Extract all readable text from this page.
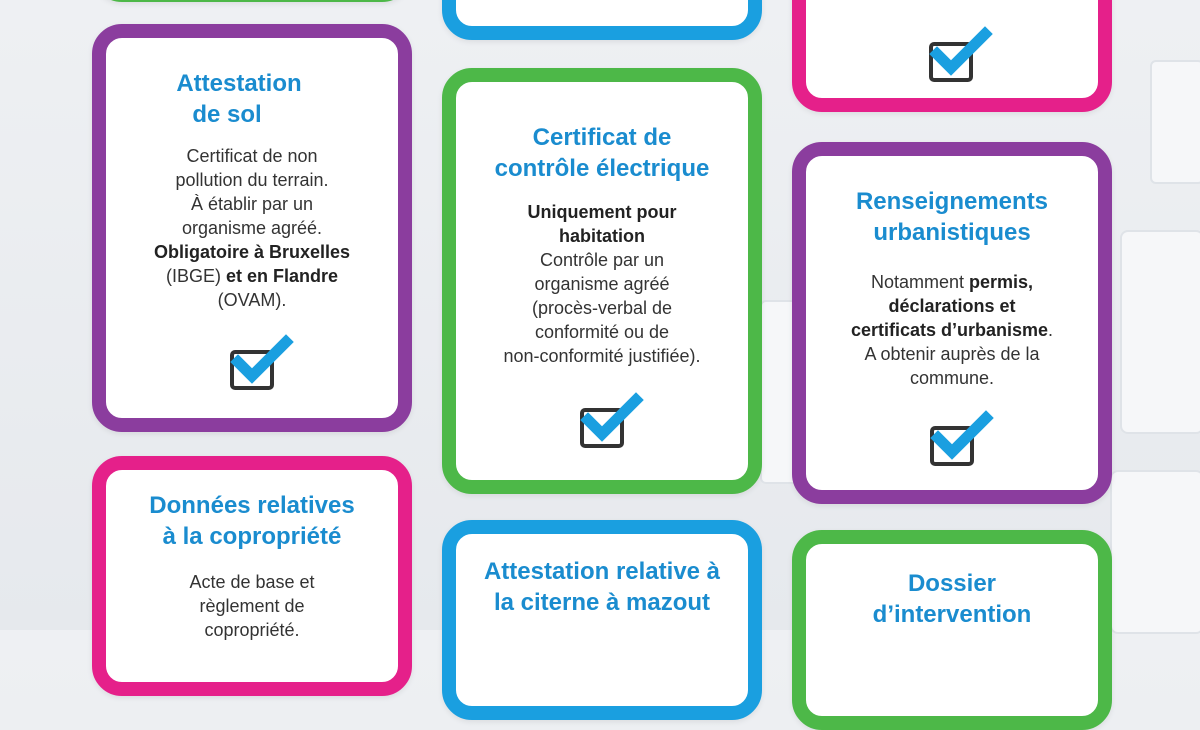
Attestation

de sol

Certificat de non

pollution du terrain.

À établir par un

organisme agréé.

Obligatoire à Bruxelles

(IBGE) et en Flandre

(OVAM).

Certificat de

contrôle électrique

Uniquement pour

habitation

Contrôle par un

organisme agréé

(procès-verbal de

conformité ou de

non-conformité justifiée).

Renseignements

urbanistiques

Notamment permis,

déclarations et

certificats d’urbanisme.

A obtenir auprès de la

commune.

Données relatives

à la copropriété

Acte de base et

règlement de

copropriété.

Attestation relative à

la citerne à mazout

Dossier

d’intervention
